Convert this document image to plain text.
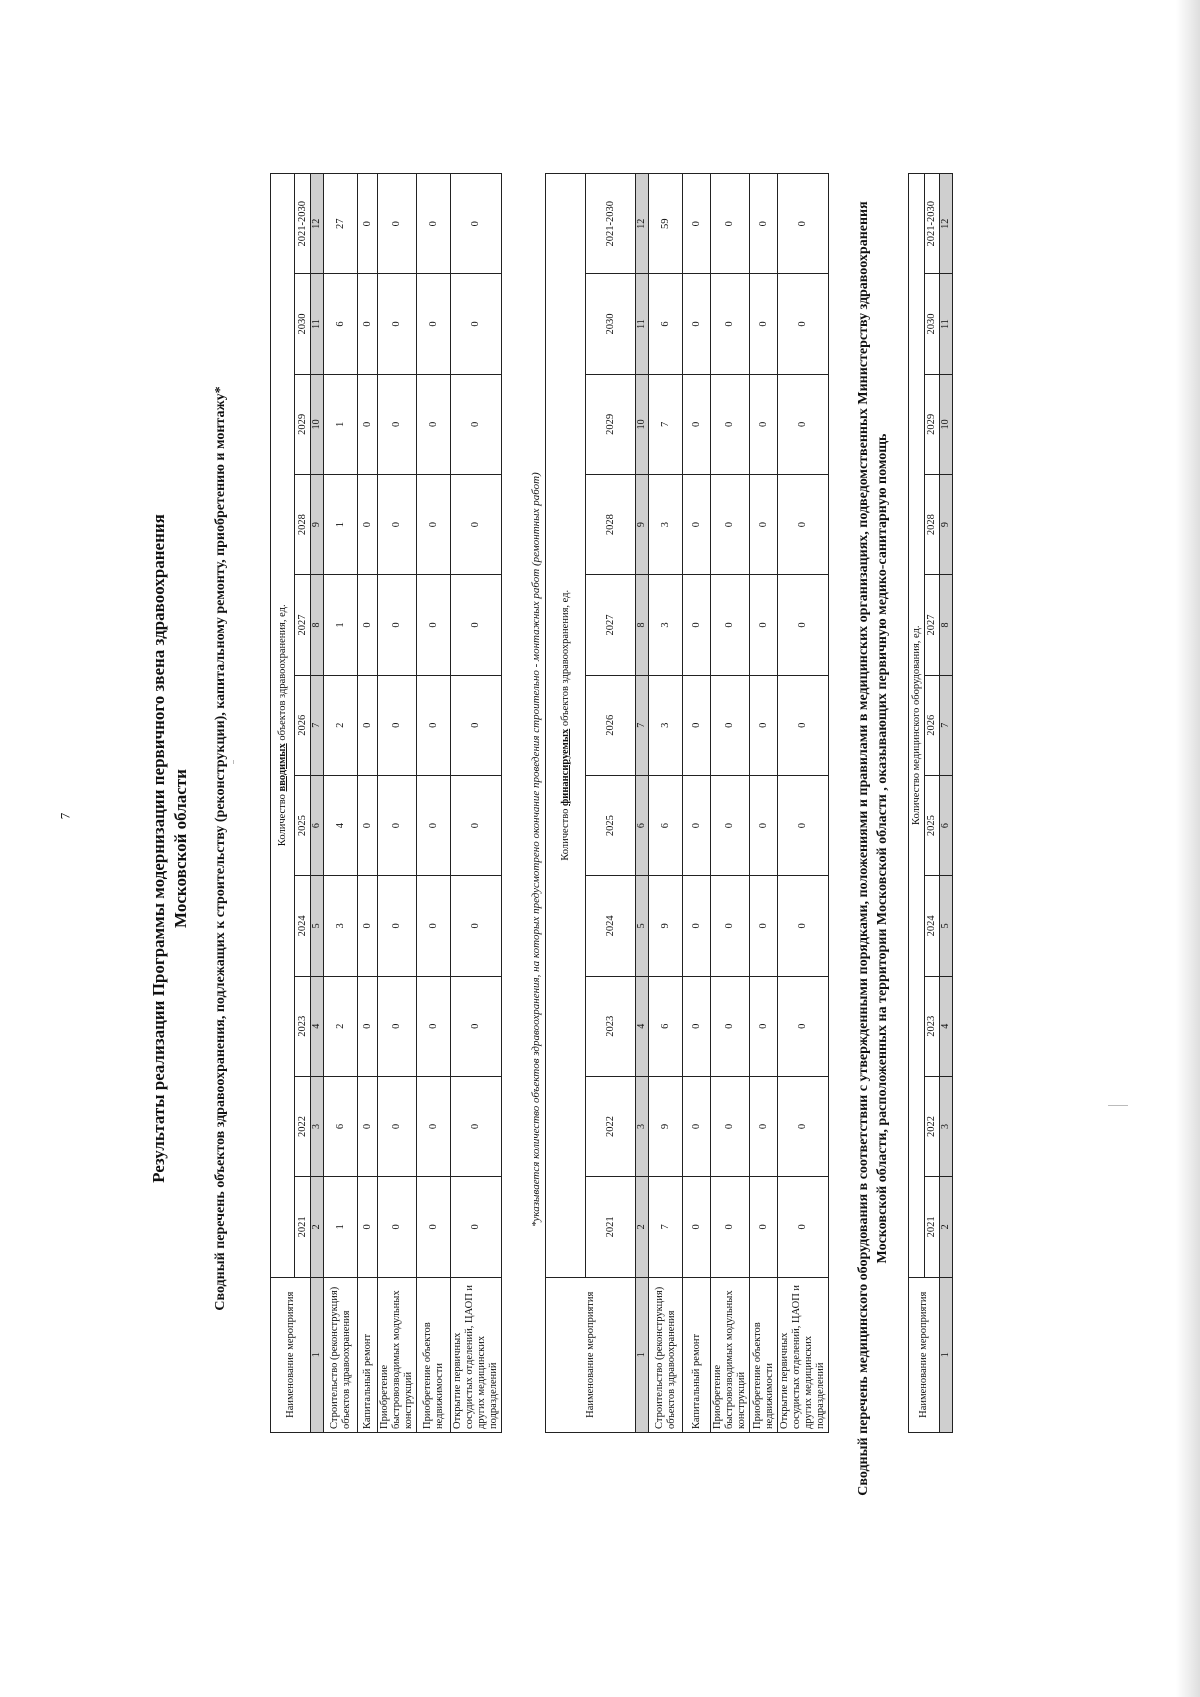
7	Результаты реализации Программы модернизации первичного звена здравоохранения Московской области Сводный перечень объектов здравоохранения, подлежащих к строительству (реконструкции), капитальному ремонту, приобретению и монтажу*
Наименование мероприятия	Количество вводимых объектов здравоохранения, ед.										
	2021	2022	2023	2024	2025	2026	2027	2028	2029	2030	2021-2030
1	2	3	4	5	6	7	8	9	10	11	12
Строительство (реконструкция) объектов здравоохранения	1	6	2	3	4	2	1	1	1	6	27
Капитальный ремонт	0	0	0	0	0	0	0	0	0	0	0
Приобретение быстровозводимых модульных конструкций	0	0	0	0	0	0	0	0	0	0	0
Приобретение объектов недвижимости	0	0	0	0	0	0	0	0	0	0	0
Открытие первичных сосудистых отделений, ЦАОП и других медицинских подразделений	0	0	0	0	0	0	0	0	0	0	0
*указывается количество объектов здравоохранения, на которых предусмотрено окончание проведения строительно - монтажных работ (ремонтных работ)
Наименование мероприятия	Количество финансируемых объектов здравоохранения, ед.										
	2021	2022	2023	2024	2025	2026	2027	2028	2029	2030	2021-2030
1	2	3	4	5	6	7	8	9	10	11	12
Строительство (реконструкция) объектов здравоохранения	7	9	6	9	6	3	3	3	7	6	59
Капитальный ремонт	0	0	0	0	0	0	0	0	0	0	0
Приобретение быстровозводимых модульных конструкций	0	0	0	0	0	0	0	0	0	0	0
Приобретение объектов недвижимости	0	0	0	0	0	0	0	0	0	0	0
Открытие первичных сосудистых отделений, ЦАОП и других медицинских подразделений	0	0	0	0	0	0	0	0	0	0	0	Сводный перечень медицинского оборудования в соответствии с утвержденными порядками, положениями и правилами в медицинских организациях, подведомственных Министерству здравоохранения Московской области, расположенных на территории Московской области , оказывающих первичную медико-санитарную помощь
Наименование мероприятия	Количество медицинского оборудования, ед.										
	2021	2022	2023	2024	2025	2026	2027	2028	2029	2030	2021-2030
1	2	3	4	5	6	7	8	9	10	11	12
